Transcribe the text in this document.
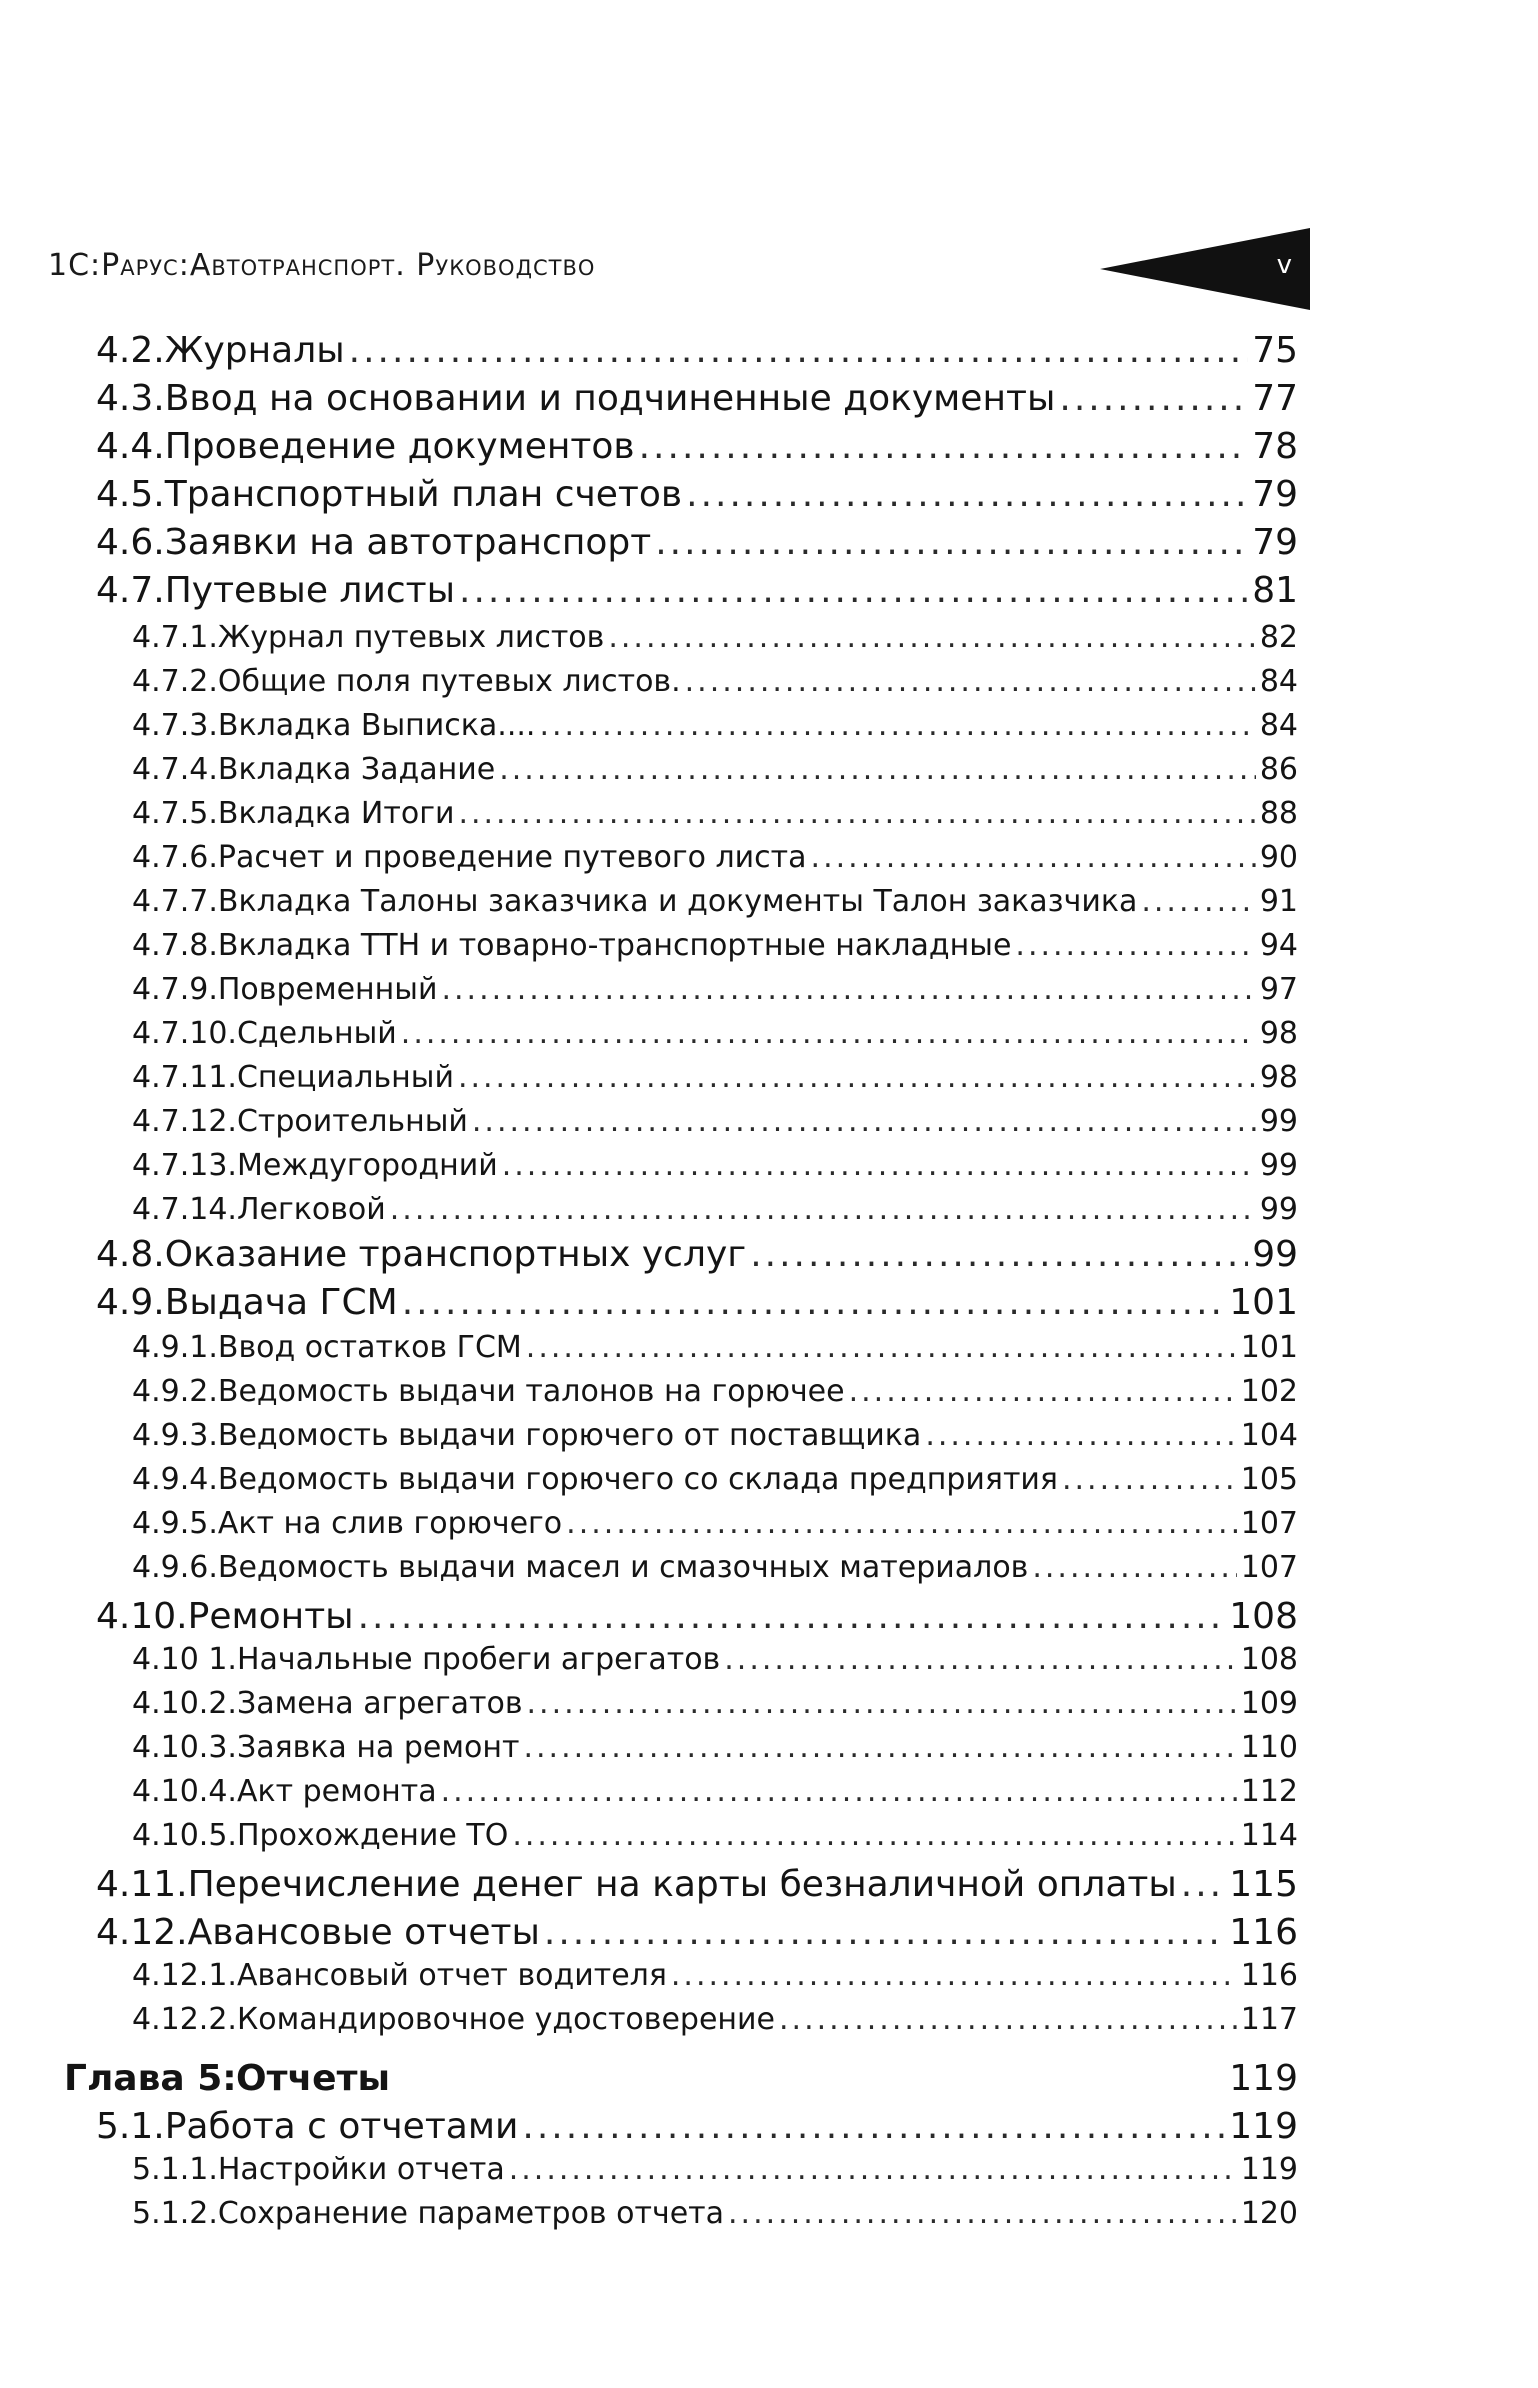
1С:Рарус:Автотранспорт. Руководство	v
4.2. Журналы .....	75
4.3. Ввод на основании и подчиненные документы .....	77
4.4. Проведение документов .....	78
4.5. Транспортный план счетов .....	79
4.6. Заявки на автотранспорт .....	79
4.7. Путевые листы .....	81
4.7.1. Журнал путевых листов .....	82
4.7.2. Общие поля путевых листов. .....	84
4.7.3. Вкладка Выписка.... .....	84
4.7.4. Вкладка Задание .....	86
4.7.5. Вкладка Итоги .....	88
4.7.6. Расчет и проведение путевого листа .....	90
4.7.7. Вкладка Талоны заказчика и документы Талон заказчика .....	91
4.7.8. Вкладка ТТН и товарно-транспортные накладные .....	94
4.7.9. Повременный .....	97
4.7.10. Сдельный .....	98
4.7.11. Специальный .....	98
4.7.12. Строительный .....	99
4.7.13. Междугородний .....	99
4.7.14. Легковой .....	99
4.8. Оказание транспортных услуг .....	99
4.9. Выдача ГСМ .....	101
4.9.1. Ввод остатков ГСМ .....	101
4.9.2. Ведомость выдачи талонов на горючее .....	102
4.9.3. Ведомость выдачи горючего от поставщика .....	104
4.9.4. Ведомость выдачи горючего со склада предприятия .....	105
4.9.5. Акт на слив горючего .....	107
4.9.6. Ведомость выдачи масел и смазочных материалов .....	107
4.10. Ремонты .....	108
4.10 1. Начальные пробеги агрегатов .....	108
4.10.2. Замена агрегатов .....	109
4.10.3. Заявка на ремонт .....	110
4.10.4. Акт ремонта .....	112
4.10.5. Прохождение ТО .....	114
4.11. Перечисление денег на карты безналичной оплаты ..... 115
4.12. Авансовые отчеты .....	116
4.12.1. Авансовый отчет водителя .....	116
4.12.2. Командировочное удостоверение .....	117
Глава 5: Отчеты	119
5.1. Работа с отчетами .....	119
5.1.1. Настройки отчета .....	119
5.1.2. Сохранение параметров отчета .....	120
